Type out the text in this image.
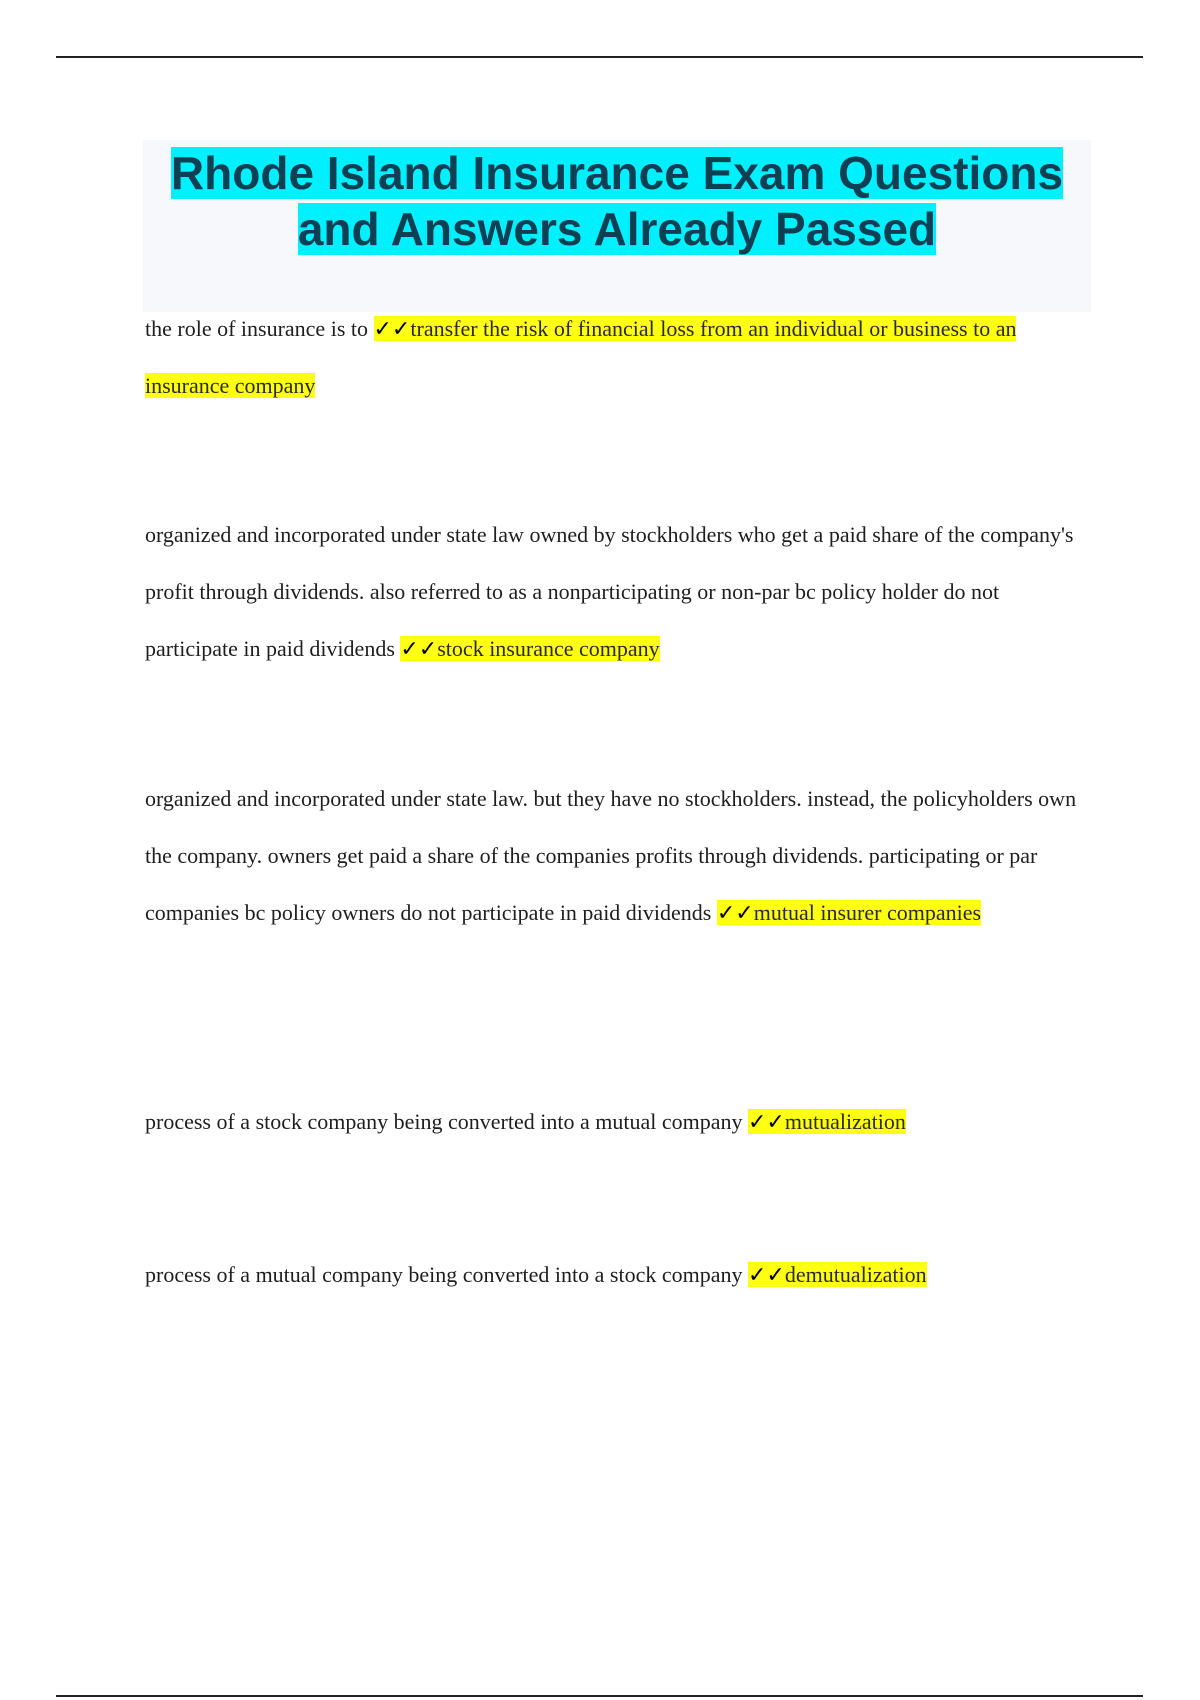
Rhode Island Insurance Exam Questions
and Answers Already Passed

the role of insurance is to ✓✓transfer the risk of financial loss from an individual or business to an insurance company

organized and incorporated under state law owned by stockholders who get a paid share of the company's profit through dividends. also referred to as a nonparticipating or non-par bc policy holder do not participate in paid dividends ✓✓stock insurance company

organized and incorporated under state law. but they have no stockholders. instead, the policyholders own the company. owners get paid a share of the companies profits through dividends. participating or par companies bc policy owners do not participate in paid dividends ✓✓mutual insurer companies

process of a stock company being converted into a mutual company ✓✓mutualization

process of a mutual company being converted into a stock company ✓✓demutualization
